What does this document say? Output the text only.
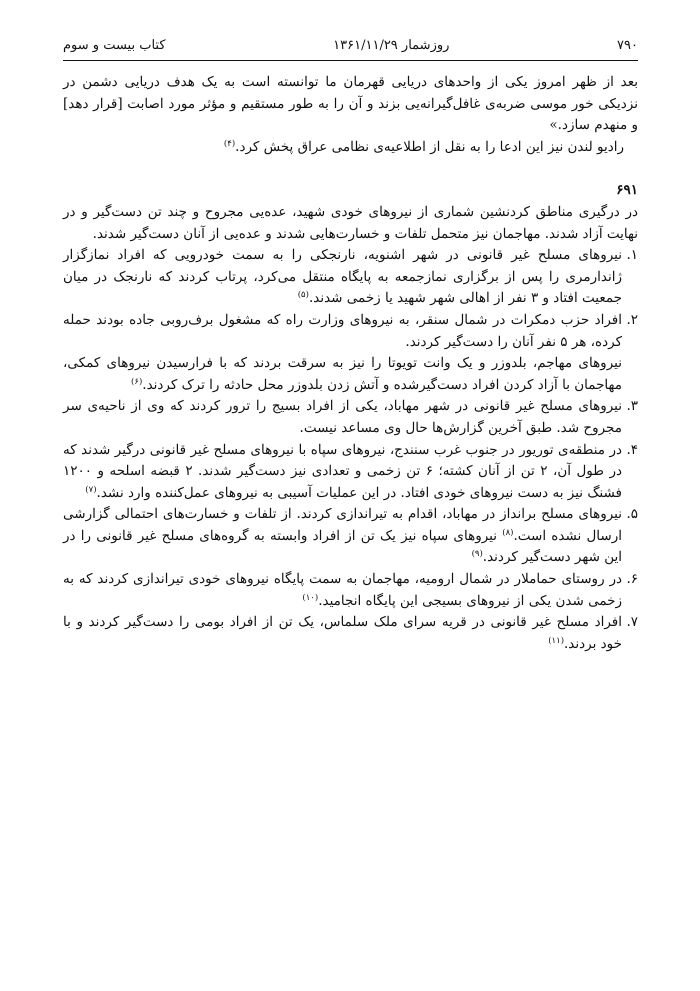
۷۹۰
روزشمار ۱۳۶۱/۱۱/۲۹
کتاب بیست و سوم

بعد از ظهر امروز یکی از واحدهای دریایی قهرمان ما توانسته است به یک هدف دریایی دشمن در نزدیکی خور موسی ضربه‌ی غافل‌گیرانه‌یی بزند و آن را به طور مستقیم و مؤثر مورد اصابت [قرار دهد] و منهدم سازد.»

رادیو لندن نیز این ادعا را به نقل از اطلاعیه‌ی نظامی عراق پخش کرد.$^{(۴)}$

۶۹۱

در درگیری مناطق کردنشین شماری از نیروهای خودی شهید، عده‌یی مجروح و چند تن دست‌گیر و در نهایت آزاد شدند. مهاجمان نیز متحمل تلفات و خسارت‌هایی شدند و عده‌یی از آنان دست‌گیر شدند.

۱.

نیروهای مسلح غیر قانونی در شهر اشنویه، نارنجکی را به سمت خودرویی که افراد نمازگزار ژاندارمری را پس از برگزاری نمازجمعه به پایگاه منتقل می‌کرد، پرتاب کردند که نارنجک در میان جمعیت افتاد و ۳ نفر از اهالی شهر شهید یا زخمی شدند.$^{(۵)}$

۲.

افراد حزب دمکرات در شمال سنقر، به نیروهای وزارت راه که مشغول برف‌روبی جاده بودند حمله کرده، هر ۵ نفر آنان را دست‌گیر کردند.

نیروهای مهاجم، بلدوزر و یک وانت تویوتا را نیز به سرقت بردند که با فرارسیدن نیروهای کمکی، مهاجمان با آزاد کردن افراد دست‌گیرشده و آتش زدن بلدوزر محل حادثه را ترک کردند.$^{(۶)}$

۳.

نیروهای مسلح غیر قانونی در شهر مهاباد، یکی از افراد بسیج را ترور کردند که وی از ناحیه‌ی سر مجروح شد. طبق آخرین گزارش‌ها حال وی مساعد نیست.

۴.

در منطقه‌ی توریور در جنوب غرب سنندج، نیروهای سپاه با نیروهای مسلح غیر قانونی درگیر شدند که در طول آن، ۲ تن از آنان کشته؛ ۶ تن زخمی و تعدادی نیز دست‌گیر شدند. ۲ قبضه اسلحه و ۱۲۰۰ فشنگ نیز به دست نیروهای خودی افتاد. در این عملیات آسیبی به نیروهای عمل‌کننده وارد نشد.$^{(۷)}$

۵.

نیروهای مسلح برانداز در مهاباد، اقدام به تیراندازی کردند. از تلفات و خسارت‌های احتمالی گزارشی ارسال نشده است.$^{(۸)}$ نیروهای سپاه نیز یک تن از افراد وابسته به گروه‌های مسلح غیر قانونی را در این شهر دست‌گیر کردند.$^{(۹)}$

۶.

در روستای حماملار در شمال ارومیه، مهاجمان به سمت پایگاه نیروهای خودی تیراندازی کردند که به زخمی شدن یکی از نیروهای بسیجی این پایگاه انجامید.$^{(۱۰)}$

۷.

افراد مسلح غیر قانونی در قریه سرای ملک سلماس، یک تن از افراد بومی را دست‌گیر کردند و با خود بردند.$^{(۱۱)}$
